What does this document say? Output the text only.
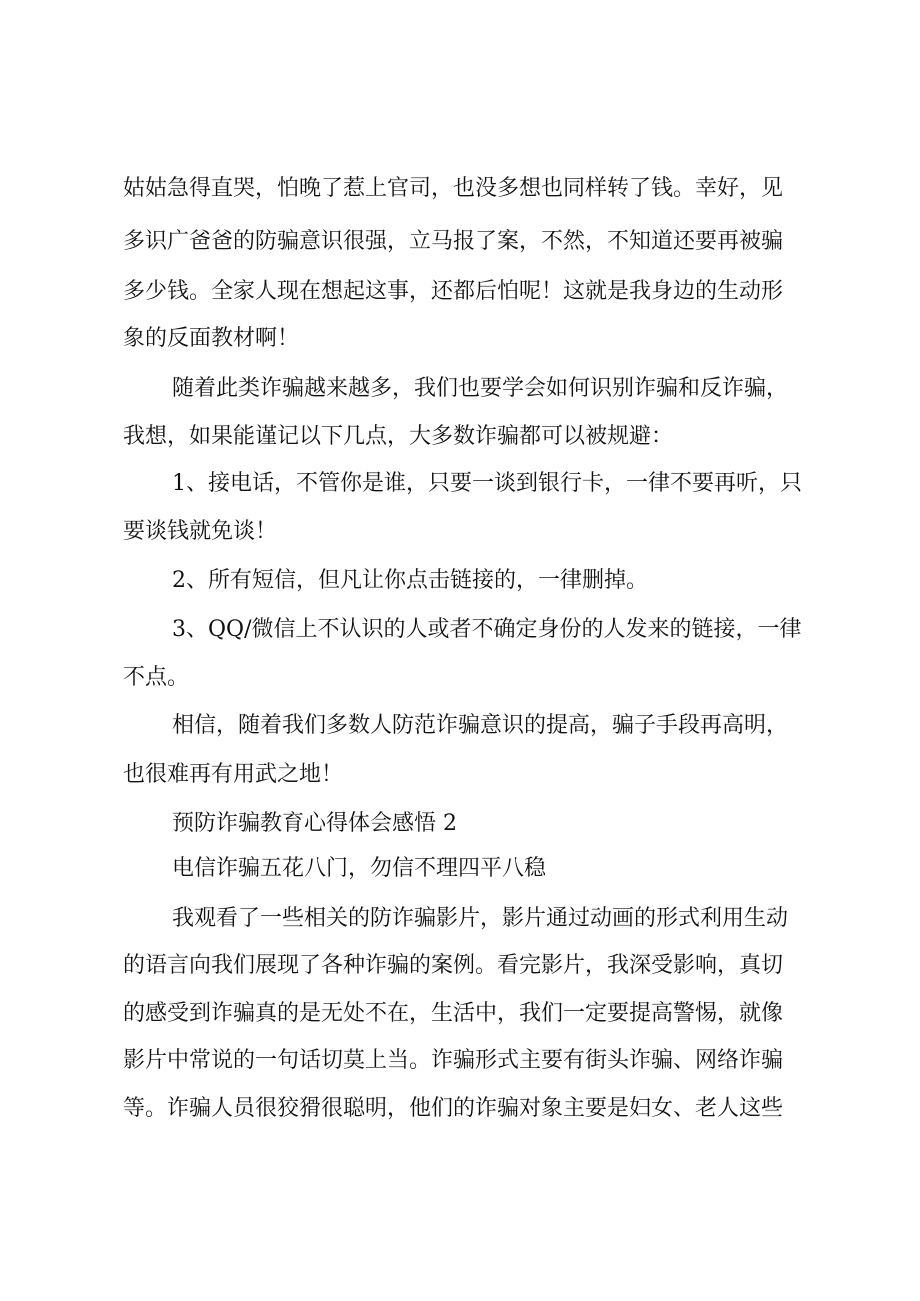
姑姑急得直哭，怕晚了惹上官司，也没多想也同样转了钱。幸好，见
多识广爸爸的防骗意识很强，立马报了案，不然，不知道还要再被骗
多少钱。全家人现在想起这事，还都后怕呢！这就是我身边的生动形
象的反面教材啊！
随着此类诈骗越来越多，我们也要学会如何识别诈骗和反诈骗，
我想，如果能谨记以下几点，大多数诈骗都可以被规避：
1、接电话，不管你是谁，只要一谈到银行卡，一律不要再听，只
要谈钱就免谈！
2、所有短信，但凡让你点击链接的，一律删掉。
3、QQ/微信上不认识的人或者不确定身份的人发来的链接，一律
不点。
相信，随着我们多数人防范诈骗意识的提高，骗子手段再高明，
也很难再有用武之地！
预防诈骗教育心得体会感悟 2
电信诈骗五花八门，勿信不理四平八稳
我观看了一些相关的防诈骗影片，影片通过动画的形式利用生动
的语言向我们展现了各种诈骗的案例。看完影片，我深受影响，真切
的感受到诈骗真的是无处不在，生活中，我们一定要提高警惕，就像
影片中常说的一句话切莫上当。诈骗形式主要有街头诈骗、网络诈骗
等。诈骗人员很狡猾很聪明，他们的诈骗对象主要是妇女、老人这些
